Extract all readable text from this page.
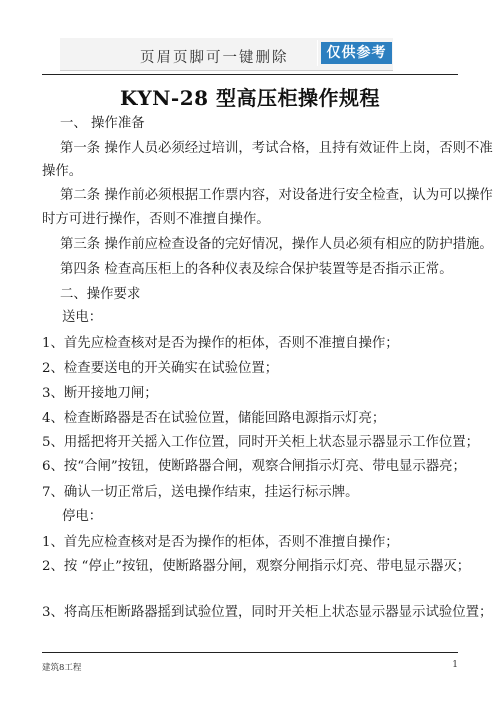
页眉页脚可一键删除	仅供参考
KYN-28 型高压柜操作规程
一、 操作准备
第一条 操作人员必须经过培训，考试合格，且持有效证件上岗，否则不准
操作。
第二条 操作前必须根据工作票内容，对设备进行安全检查，认为可以操作
时方可进行操作，否则不准擅自操作。
第三条 操作前应检查设备的完好情况，操作人员必须有相应的防护措施。
第四条 检查高压柜上的各种仪表及综合保护装置等是否指示正常。
二、操作要求
送电：
1、首先应检查核对是否为操作的柜体，否则不准擅自操作；
2、检查要送电的开关确实在试验位置；
3、断开接地刀闸；
4、检查断路器是否在试验位置，储能回路电源指示灯亮；
5、用摇把将开关摇入工作位置，同时开关柜上状态显示器显示工作位置；
6、按“合闸”按钮，使断路器合闸，观察合闸指示灯亮、带电显示器亮；
7、确认一切正常后，送电操作结束，挂运行标示牌。
停电：
1、首先应检查核对是否为操作的柜体，否则不准擅自操作；
2、按 “停止”按钮，使断路器分闸，观察分闸指示灯亮、带电显示器灭；
3、将高压柜断路器摇到试验位置，同时开关柜上状态显示器显示试验位置；
建筑8工程	1
